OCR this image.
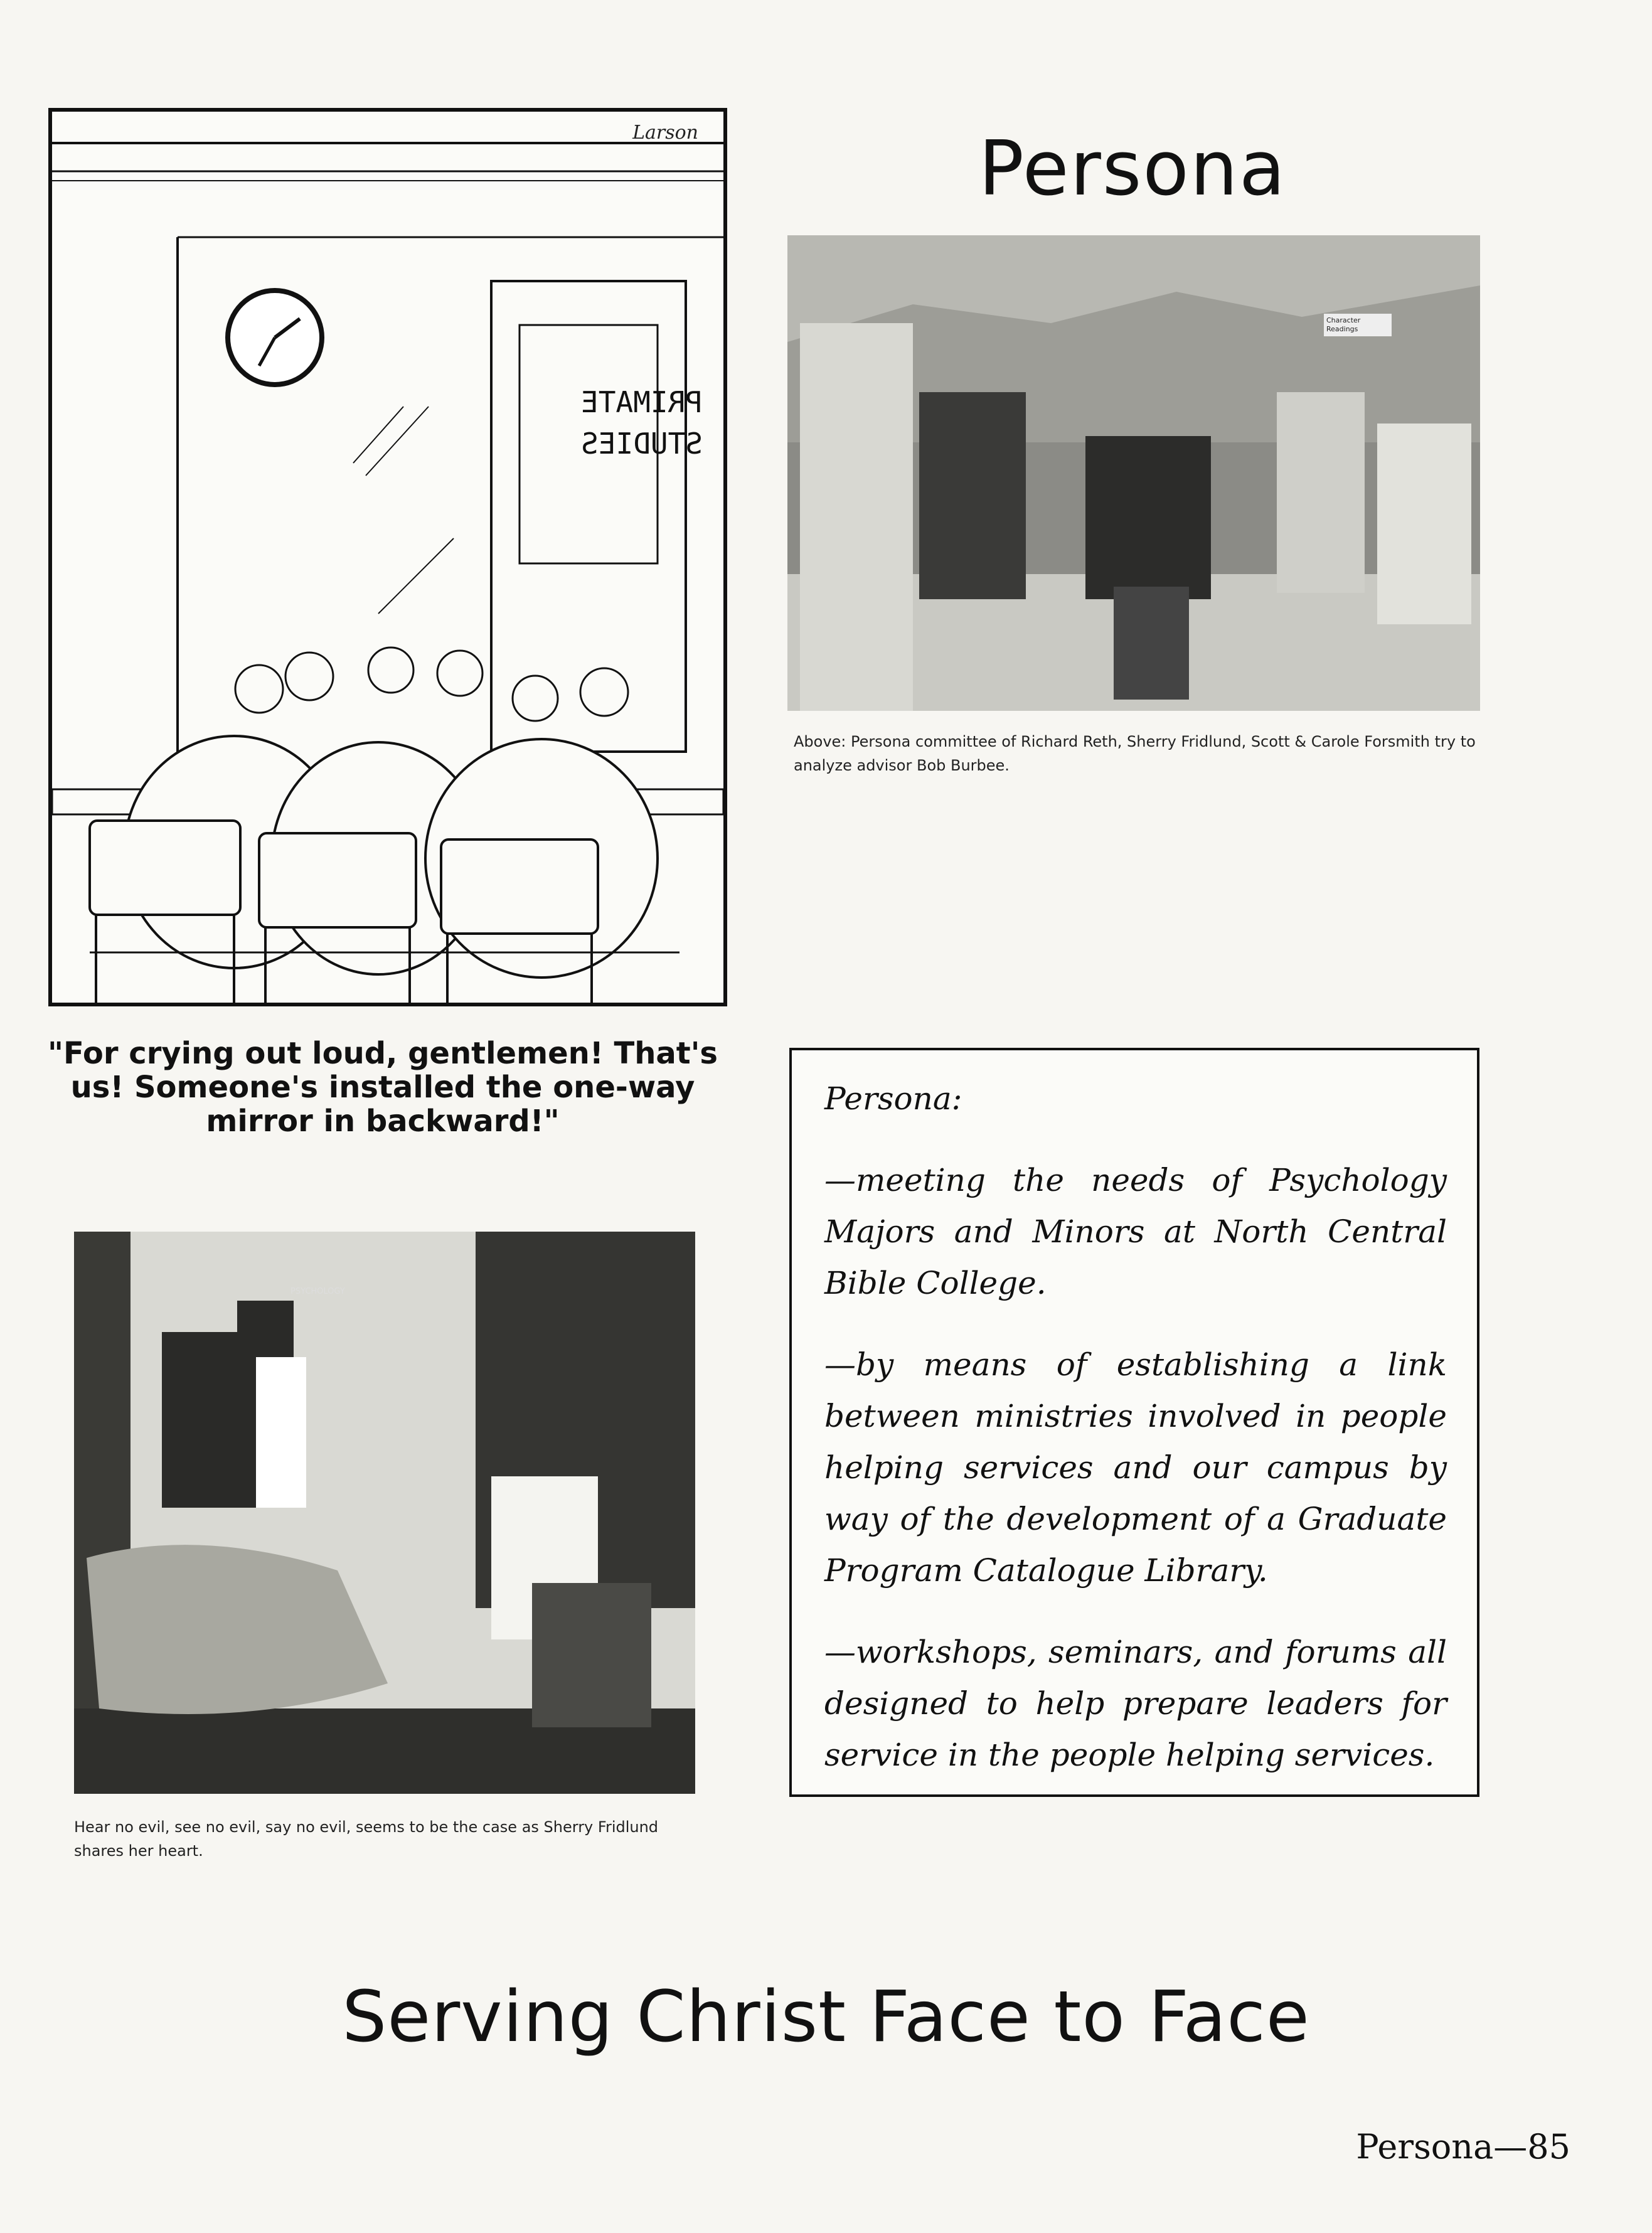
Larson
PRIMATE
STUDIES
"For crying out loud, gentlemen! That's us! Someone's installed the one-way mirror in backward!"
Persona
Character Readings
Above: Persona committee of Richard Reth, Sherry Fridlund, Scott & Carole Forsmith try to analyze advisor Bob Burbee.
PSYCHOLOGY
Hear no evil, see no evil, say no evil, seems to be the case as Sherry Fridlund shares her heart.

Persona:

—meeting the needs of Psychology Majors and Minors at North Central Bible College.

—by means of establishing a link between ministries involved in people helping services and our campus by way of the development of a Graduate Program Catalogue Library.

—workshops, seminars, and forums all designed to help prepare leaders for service in the people helping services.

Serving Christ Face to Face
Persona—85
